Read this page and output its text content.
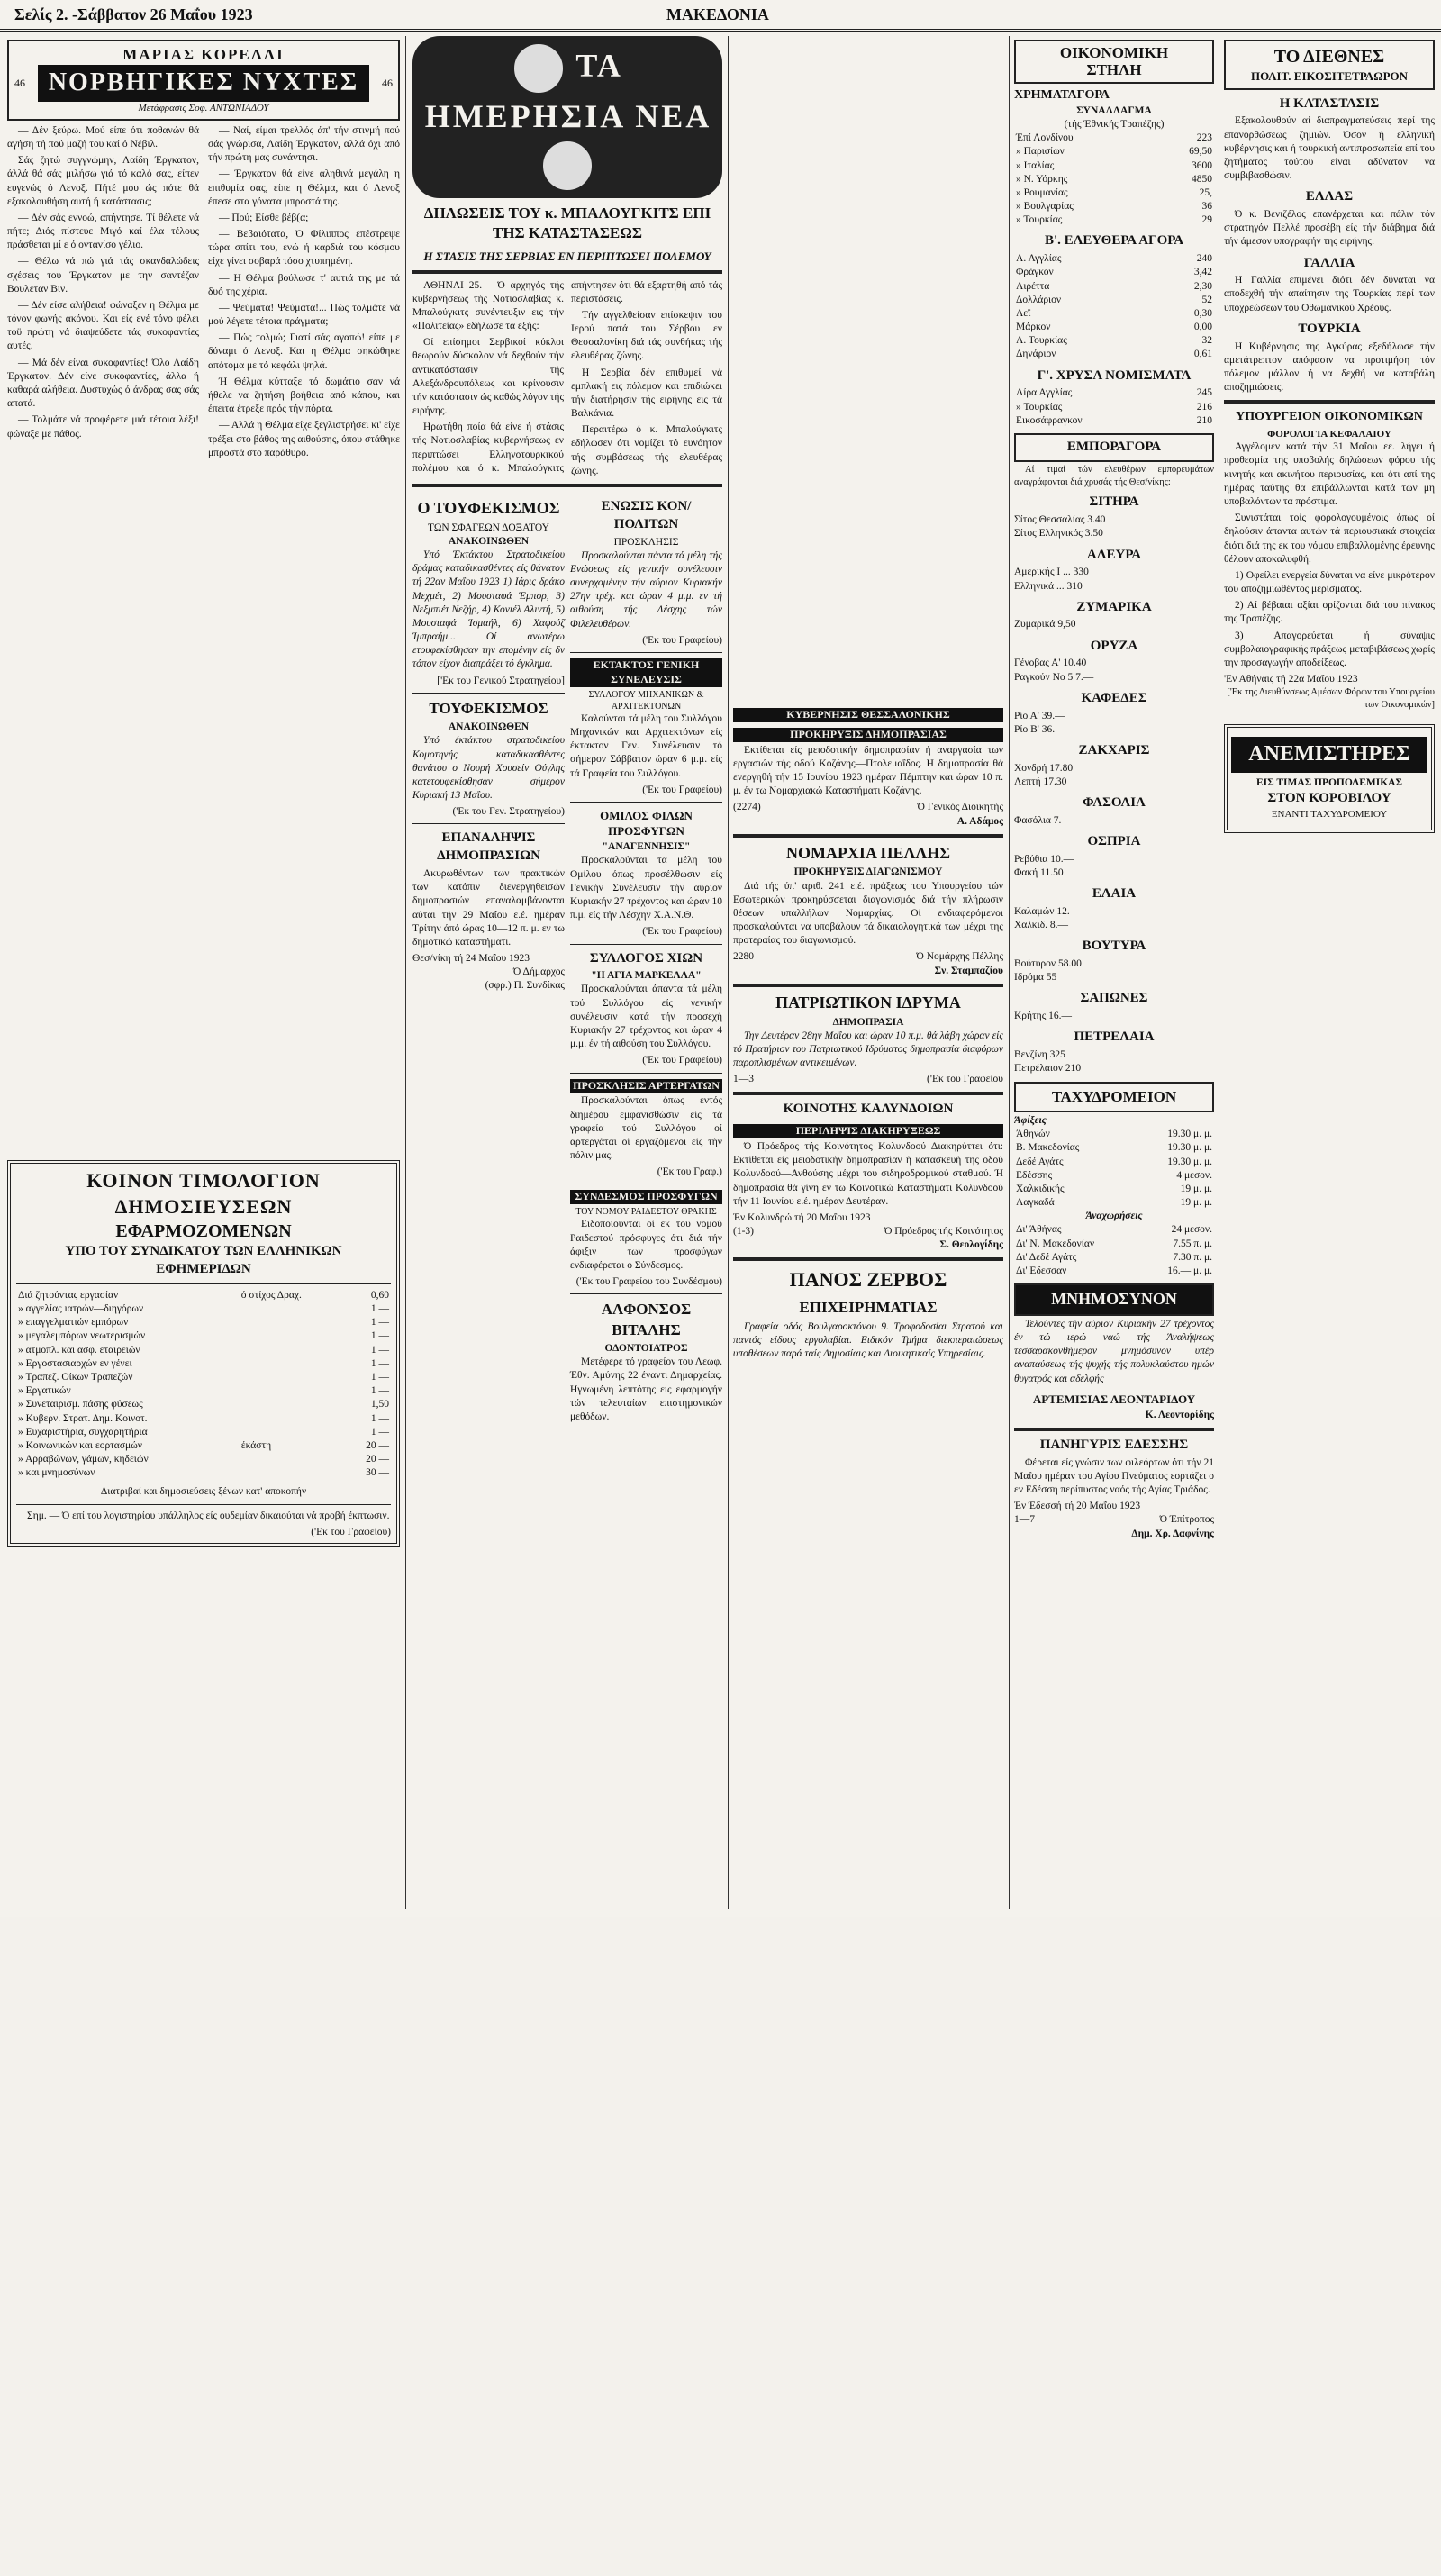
Σελίς 2. -Σάββατον 26 Μαΐου 1923	ΜΑΚΕΔΟΝΙΑ
ΜΑΡΙΑΣ ΚΟΡΕΛΛΙ
46 ΝΟΡΒΗΓΙΚΕΣ ΝΥΧΤΕΣ	46
Μετάφρασις Σοφ. ΑΝΤΩΝΙΑΔΟΥ

— Δέν ξεύρω. Μού είπε ότι ποθανών θά αγήση τή πού μαζή του καί ό Νέβιλ.

Σάς ζητώ συγγνώμην, Λαίδη Έργκατον, άλλά θά σάς μιλήσω γιά τό καλό σας, είπεν ευγενώς ό Λενοξ. Πήτέ μου ώς πότε θά εξακολουθήση αυτή ή κατάστασις;

— Δέν σάς εννοώ, απήντησε. Τί θέλετε νά πήτε; Διός πίστευε Μιγό καί έλα τέλους πράσθεται μί ε ό οντανίσο γέλιο.

— Θέλω νά πώ γιά τάς σκανδαλώδεις σχέσεις του Έργκατον με την σαντέζαν Βουλεταν Βιν.

— Δέν είσε αλήθεια! φώναξεν η Θέλμα με τόνον φωνής ακόνου. Και είς ενέ τόνο φέλει τοϋ πρώτη νά διαψεύδετε τάς συκοφαντίες αυτές.

— Μά δέν είναι συκοφαντίες! Όλο Λαίδη Έργκατον. Δέν είνε συκοφαντίες, άλλα ή καθαρά αλήθεια. Δυστυχώς ό άνδρας σας σάς απατά.

— Τολμάτε νά προφέρετε μιά τέτοια λέξι! φώναξε με πάθος.

— Ναί, είμαι τρελλός άπ' τήν στιγμή πού σάς γνώρισα, Λαίδη Έργκατον, αλλά όχι από τήν πρώτη μας συνάντησι.

— Έργκατον θά είνε αληθινά μεγάλη η επιθυμία σας, είπε η Θέλμα, και ό Λενοξ έπεσε στα γόνατα μπροστά της.

— Πού; Είσθε βέβ(α;

— Βεβαιότατα, Ό Φίλιππος επέστρεψε τώρα σπίτι του, ενώ ή καρδιά του κόσμου είχε γίνει σοβαρά τόσο χτυπημένη.

— Η Θέλμα βούλωσε τ' αυτιά της με τά δυό της χέρια.

— Ψεύματα! Ψεύματα!... Πώς τολμάτε νά μού λέγετε τέτοια πράγματα;

— Πώς τολμώ; Γιατί σάς αγαπώ! είπε με δύναμι ό Λενοξ. Και η Θέλμα σηκώθηκε απότομα με τό κεφάλι ψηλά.

Ή Θέλμα κύτταξε τό δωμάτιο σαν νά ήθελε να ζητήση βοήθεια από κάπου, και έπειτα έτρεξε πρός τήν πόρτα.

— Αλλά η Θέλμα είχε ξεγλιστρήσει κι' είχε τρέξει στο βάθος της αιθούσης, όπου στάθηκε μπροστά στο παράθυρο.

ΚΟΙΝΟΝ ΤΙΜΟΛΟΓΙΟΝ ΔΗΜΟΣΙΕΥΣΕΩΝ
ΕΦΑΡΜΟΖΟΜΕΝΩΝ
ΥΠΟ ΤΟΥ ΣΥΝΔΙΚΑΤΟΥ ΤΩΝ ΕΛΛΗΝΙΚΩΝ ΕΦΗΜΕΡΙΔΩΝ
Διά ζητούντας εργασίαν	ό στίχος Δραχ.	0,60
» αγγελίας ιατρών—διηγόρων		1 —
» επαγγελματιών εμπόρων		1 —
» μεγαλεμπόρων νεωτερισμών		1 —
» ατμοπλ. και ασφ. εταιρειών		1 —
» Εργοστασιαρχών εν γένει		1 —
» Τραπεζ. Οίκων Τραπεζών		1 —
» Εργατικών		1 —
» Συνεταιρισμ. πάσης φύσεως		1,50
» Κυβερν. Στρατ. Δημ. Κοινοτ.		1 —
» Ευχαριστήρια, συγχαρητήρια		1 —
» Κοινωνικών και εορτασμών	έκάστη	20 —
» Αρραβώνων, γάμων, κηδειών		20 —
» και μνημοσύνων		30 —
Διατριβαί και δημοσιεύσεις ξένων κατ' αποκοπήν

Σημ. — Ό επί του λογιστηρίου υπάλληλος είς ουδεμίαν δικαιούται νά προβή έκπτωσιν.

('Εκ του Γραφείου)
ΤΑ ΗΜΕΡΗΣΙΑ ΝΕΑ
ΔΗΛΩΣΕΙΣ ΤΟΥ κ. ΜΠΑΛΟΥΓΚΙΤΣ ΕΠΙ ΤΗΣ ΚΑΤΑΣΤΑΣΕΩΣ
Η ΣΤΑΣΙΣ ΤΗΣ ΣΕΡΒΙΑΣ ΕΝ ΠΕΡΙΠΤΩΣΕΙ ΠΟΛΕΜΟΥ

ΑΘΗΝΑΙ 25.— Ό αρχηγός τής κυβερνήσεως τής Νοτιοσλαβίας κ. Μπαλούγκιτς συνέντευξιν εις τήν «Πολιτείας» εδήλωσε τα εξής:

Οί επίσημοι Σερβικοί κύκλοι θεωρούν δύσκολον νά δεχθούν τήν αντικατάστασιν τής Αλεξάνδρουπόλεως και κρίνουσιν τήν κατάστασιν ώς καθώς λόγον τής ειρήνης.

Ηρωτήθη ποία θά είνε ή στάσις τής Νοτιοσλαβίας κυβερνήσεως εν περιπτώσει Ελληνοτουρκικού πολέμου και ό κ. Μπαλούγκιτς απήντησεν ότι θά εξαρτηθή από τάς περιστάσεις.

Τήν αγγελθείσαν επίσκεψιν του Ιερού πατά του Σέρβου εν Θεσσαλονίκη διά τάς συνθήκας τής ελευθέρας ζώνης.

Η Σερβία δέν επιθυμεί νά εμπλακή εις πόλεμον και επιδιώκει τήν διατήρησιν τής ειρήνης εις τά Βαλκάνια.

Περαιτέρω ό κ. Μπαλούγκιτς εδήλωσεν ότι νομίζει τό ευνόητον τής συμβάσεως τής ελευθέρας ζώνης.

Ο ΤΟΥΦΕΚΙΣΜΟΣ
ΤΩΝ ΣΦΑΓΕΩΝ ΔΟΞΑΤΟΥ
ΑΝΑΚΟΙΝΩΘΕΝ

Υπό Έκτάκτου Στρατοδικείου δράμας καταδικασθέντες είς θάνατον τή 22αν Μαΐου 1923 1) Ιάρις δράκο Μεχμέτ, 2) Μουσταφά Έμπορ, 3) Νεξμπιέτ Νεζήρ, 4) Κονιέλ Αλιντή, 5) Μουσταφά Ίσμαήλ, 6) Χαφούζ Ίμπραήμ... Οί ανωτέρω ετουφεκίσθησαν την επομένην είς δν τόπον είχον διαπράξει τό έγκλημα.

['Εκ του Γενικού Στρατηγείου]
ΤΟΥΦΕΚΙΣΜΟΣ
ΑΝΑΚΟΙΝΩΘΕΝ

Υπό έκτάκτου στρατοδικείου Κομοτηνής καταδικασθέντες θανάτου ο Νουρή Χουσείν Ούγλης κατετουφεκίσθησαν σήμερον Κυριακή 13 Μαΐου.

('Εκ του Γεν. Στρατηγείου)
ΕΠΑΝΑΛΗΨΙΣ ΔΗΜΟΠΡΑΣΙΩΝ

Ακυρωθέντων των πρακτικών των κατόπιν διενεργηθεισών δημοπρασιών επαναλαμβάνονται αύται τήν 29 Μαΐου ε.έ. ημέραν Τρίτην άπό ώρας 10—12 π. μ. εν τω δημοτικώ καταστήματι.

Θεσ/νίκη τή 24 Μαΐου 1923
Ό Δήμαρχος
(σφρ.) Π. Συνδίκας
ΕΝΩΣΙΣ ΚΟΝ/ΠΟΛΙΤΩΝ
ΠΡΟΣΚΛΗΣΙΣ

Προσκαλούνται πάντα τά μέλη τής Ενώσεως είς γενικήν συνέλευσιν συνερχομένην τήν αύριον Κυριακήν 27ην τρέχ. και ώραν 4 μ.μ. εν τή αιθούση τής Λέσχης τών Φιλελευθέρων.

('Εκ του Γραφείου)
ΕΚΤΑΚΤΟΣ ΓΕΝΙΚΗ ΣΥΝΕΛΕΥΣΙΣ
ΣΥΛΛΟΓΟΥ ΜΗΧΑΝΙΚΩΝ & ΑΡΧΙΤΕΚΤΟΝΩΝ

Καλούνται τά μέλη του Συλλόγου Μηχανικών και Αρχιτεκτόνων είς έκτακτον Γεν. Συνέλευσιν τό σήμερον Σάββατον ώραν 6 μ.μ. είς τά Γραφεία του Συλλόγου.

('Εκ του Γραφείου)
ΟΜΙΛΟΣ ΦΙΛΩΝ ΠΡΟΣΦΥΓΩΝ
"ΑΝΑΓΕΝΝΗΣΙΣ"

Προσκαλούνται τα μέλη τού Ομίλου όπως προσέλθωσιν είς Γενικήν Συνέλευσιν τήν αύριον Κυριακήν 27 τρέχοντος και ώραν 10 π.μ. είς τήν Λέσχην Χ.Α.Ν.Θ.

('Εκ του Γραφείου)
ΣΥΛΛΟΓΟΣ ΧΙΩΝ
"Η ΑΓΙΑ ΜΑΡΚΕΛΛΑ"

Προσκαλούνται άπαντα τά μέλη τού Συλλόγου είς γενικήν συνέλευσιν κατά τήν προσεχή Κυριακήν 27 τρέχοντος και ώραν 4 μ.μ. έν τή αιθούση του Συλλόγου.

('Εκ του Γραφείου)
ΠΡΟΣΚΛΗΣΙΣ ΑΡΤΕΡΓΑΤΩΝ

Προσκαλούνται όπως εντός διημέρου εμφανισθώσιν είς τά γραφεία τού Συλλόγου οί αρτεργάται οί εργαζόμενοι είς τήν πόλιν μας.

('Εκ του Γραφ.)
ΣΥΝΔΕΣΜΟΣ ΠΡΟΣΦΥΓΩΝ
ΤΟΥ ΝΟΜΟΥ ΡΑΙΔΕΣΤΟΥ ΘΡΑΚΗΣ

Ειδοποιούνται οί εκ του νομού Ραιδεστού πρόσφυγες ότι διά τήν άφιξιν των προσφύγων ενδιαφέρεται ο Σύνδεσμος.

('Εκ του Γραφείου του Συνδέσμου)
ΑΛΦΟΝΣΟΣ ΒΙΤΑΛΗΣ
ΟΔΟΝΤΟΙΑΤΡΟΣ

Μετέφερε τό γραφείον του Λεωφ. Έθν. Αμύνης 22 έναντι Δημαρχείας. Ηγνωμένη λεπτότης εις εφαρμογήν τών τελευταίων επιστημονικών μεθόδων.

ΚΥΒΕΡΝΗΣΙΣ ΘΕΣΣΑΛΟΝΙΚΗΣ
ΠΡΟΚΗΡΥΞΙΣ ΔΗΜΟΠΡΑΣΙΑΣ

Εκτίθεται είς μειοδοτικήν δημοπρασίαν ή αναργασία των εργασιών τής οδού Κοζάνης—Πτολεμαΐδος. Η δημοπρασία θά ενεργηθή τήν 15 Ιουνίου 1923 ημέραν Πέμπτην και ώραν 10 π. μ. έν τω Νομαρχιακώ Καταστήματι Κοζάνης.

(2274)	Ό Γενικός Διοικητής
Α. Αδάμος
ΝΟΜΑΡΧΙΑ ΠΕΛΛΗΣ
ΠΡΟΚΗΡΥΞΙΣ ΔΙΑΓΩΝΙΣΜΟΥ

Διά τής ύπ' αριθ. 241 ε.έ. πράξεως του Υπουργείου τών Εσωτερικών προκηρύσσεται διαγωνισμός διά τήν πλήρωσιν θέσεων υπαλλήλων Νομαρχίας. Οί ενδιαφερόμενοι προσκαλούνται να υποβάλουν τά δικαιολογητικά των μέχρι της προτεραίας του διαγωνισμού.

2280	Ό Νομάρχης Πέλλης
Σν. Σταμπαζίου
ΠΑΤΡΙΩΤΙΚΟΝ ΙΔΡΥΜΑ
ΔΗΜΟΠΡΑΣΙΑ

Την Δευτέραν 28ην Μαΐου και ώραν 10 π.μ. θά λάβη χώραν είς τό Πρατήριον του Πατριωτικού Ιδρύματος δημοπρασία διαφόρων παροπλισμένων αντικειμένων.

1—3	('Εκ του Γραφείου
ΚΟΙΝΟΤΗΣ ΚΑΛΥΝΔΟΙΩΝ
ΠΕΡΙΛΗΨΙΣ ΔΙΑΚΗΡΥΞΕΩΣ

Ό Πρόεδρος τής Κοινότητος Κολυνδοού Διακηρύττει ότι: Εκτίθεται είς μειοδοτικήν δημοπρασίαν ή κατασκευή της οδού Κολυνδοού—Ανθούσης μέχρι του σιδηροδρομικού σταθμού. Ή δημοπρασία θά γίνη εν τω Κοινοτικώ Καταστήματι Κολυνδοού τήν 11 Ιουνίου ε.έ. ημέραν Δευτέραν.

Έν Κολυνδρώ τή 20 Μαΐου 1923
(1-3)	Ό Πρόεδρος τής Κοινότητος
Σ. Θεολογίδης
ΠΑΝΟΣ ΖΕΡΒΟΣ
ΕΠΙΧΕΙΡΗΜΑΤΙΑΣ

Γραφεία οδός Βουλγαροκτόνου 9. Τροφοδοσίαι Στρατού και παντός είδους εργολαβίαι. Ειδικόν Τμήμα διεκπεραιώσεως υποθέσεων παρά ταίς Δημοσίαις και Διοικητικαίς Υπηρεσίαις.

ΟΙΚΟΝΟΜΙΚΗ
ΣΤΗΛΗ
ΧΡΗΜΑΤΑΓΟΡΑ
ΣΥΝΑΛΛΑΓΜΑ
(τής Έθνικής Τραπέζης)
Έπί Λονδίνου	223
» Παρισίων	69,50
» Ιταλίας	3600
» Ν. Υόρκης	4850
» Ρουμανίας	25,
» Βουλγαρίας	36
» Τουρκίας	29
Β'. ΕΛΕΥΘΕΡΑ ΑΓΟΡΑ
Λ. Αγγλίας	240
Φράγκον	3,42
Λιρέττα	2,30
Δολλάριον	52
Λεϊ	0,30
Μάρκον	0,00
Λ. Τουρκίας	32
Δηνάριον	0,61
Γ'. ΧΡΥΣΑ ΝΟΜΙΣΜΑΤΑ
Λίρα Αγγλίας	245
» Τουρκίας	216
Εικοσάφραγκον	210
ΕΜΠΟΡΑΓΟΡΑ

Αί τιμαί τών ελευθέρων εμπορευμάτων αναγράφονται διά χρυσάς τής Θεσ/νίκης:

ΣΙΤΗΡΑ
Σίτος Θεσσαλίας 3.40
Σίτος Ελληνικός 3.50
ΑΛΕΥΡΑ
Αμερικής Ι ... 330
Ελληνικά ... 310
ΖΥΜΑΡΙΚΑ
Ζυμαρικά 9,50
ΟΡΥΖΑ
Γένοβας Α' 10.40
Ραγκούν Νο 5 7.—
ΚΑΦΕΔΕΣ
Ρίο Α' 39.—
Ρίο Β' 36.—
ΖΑΚΧΑΡΙΣ
Χονδρή 17.80
Λεπτή 17.30
ΦΑΣΟΛΙΑ
Φασόλια 7.—
ΟΣΠΡΙΑ
Ρεβύθια 10.—
Φακή 11.50
ΕΛΑΙΑ
Καλαμών 12.—
Χαλκιδ. 8.—
ΒΟΥΤΥΡΑ
Βούτυρον 58.00
Ιδρόμα 55
ΣΑΠΩΝΕΣ
Κρήτης 16.—
ΠΕΤΡΕΛΑΙΑ
Βενζίνη 325
Πετρέλαιον 210
ΤΑΧΥΔΡΟΜΕΙΟΝ
Άφίξεις
Άθηνών	19.30 μ. μ.
Β. Μακεδονίας	19.30 μ. μ.
Δεδέ Αγάτς	19.30 μ. μ.
Εδέσσης	4 μεσον.
Χαλκιδικής	19 μ. μ.
Λαγκαδά	19 μ. μ.
Άναχωρήσεις
Δι' Άθήνας	24 μεσον.
Δι' Ν. Μακεδονίαν	7.55 π. μ.
Δι' Δεδέ Αγάτς	7.30 π. μ.
Δι' Εδεσσαν	16.— μ. μ.
ΜΝΗΜΟΣΥΝΟΝ

Τελούντες τήν αύριον Κυριακήν 27 τρέχοντος έν τώ ιερώ ναώ τής Άναλήψεως τεσσαρακονθήμερον μνημόσυνον υπέρ αναπαύσεως τής ψυχής τής πολυκλαύστου ημών θυγατρός και αδελφής

ΑΡΤΕΜΙΣΙΑΣ ΛΕΟΝΤΑΡΙΔΟΥ
Κ. Λεοντορίδης
ΠΑΝΗΓΥΡΙΣ ΕΔΕΣΣΗΣ

Φέρεται είς γνώσιν των φιλεόρτων ότι τήν 21 Μαΐου ημέραν του Αγίου Πνεύματος εορτάζει ο εν Εδέσση περίπυστος ναός τής Αγίας Τριάδος.

Έν Έδεσσή τή 20 Μαΐου 1923
1—7	Ό Έπίτροπος
Δημ. Χρ. Δαφνίνης
ΤΟ ΔΙΕΘΝΕΣ
ΠΟΛΙΤ. ΕΙΚΟΣΙΤΕΤΡΑΩΡΟΝ
Η ΚΑΤΑΣΤΑΣΙΣ

Εξακολουθούν αί διαπραγματεύσεις περί της επανορθώσεως ζημιών. Όσον ή ελληνική κυβέρνησις και ή τουρκική αντιπροσωπεία επί του ζητήματος τούτου είναι αδύνατον να συμβιβασθώσιν.

ΕΛΛΑΣ

Ό κ. Βενιζέλος επανέρχεται και πάλιν τόν στρατηγόν Πελλέ προσέβη είς τήν διάβημα διά τήν άμεσον υπογραφήν της ειρήνης.

ΓΑΛΛΙΑ

Η Γαλλία επιμένει διότι δέν δύναται να αποδεχθή τήν απαίτησιν της Τουρκίας περί των υποχρεώσεων του Οθωμανικού Χρέους.

ΤΟΥΡΚΙΑ

Η Κυβέρνησις της Αγκύρας εξεδήλωσε τήν αμετάτρεπτον απόφασιν να προτιμήση τόν πόλεμον μάλλον ή να δεχθή να καταβάλη αποζημιώσεις.

ΥΠΟΥΡΓΕΙΟΝ ΟΙΚΟΝΟΜΙΚΩΝ
ΦΟΡΟΛΟΓΙΑ ΚΕΦΑΛΑΙΟΥ

Αγγέλομεν κατά τήν 31 Μαΐου εε. λήγει ή προθεσμία της υποβολής δηλώσεων φόρου τής κινητής και ακινήτου περιουσίας, και ότι απί της ημέρας ταύτης θα επιβάλλωνται κατά των μη υποβαλόντων τα πρόστιμα.

Συνιστάται τοίς φορολογουμένοις όπως οί δηλούσιν άπαντα αυτών τά περιουσιακά στοιχεία διότι διά της εκ του νόμου επιβαλλομένης έρευνης θέλουν αποκαλυφθή.

1) Οφείλει ενεργεία δύναται να είνε μικρότερον του αποζημιωθέντος μερίσματος.

2) Αί βέβαιαι αξίαι ορίζονται διά του πίνακος της Τραπέζης.

3) Απαγορεύεται ή σύναψις συμβολαιογραφικής πράξεως μεταβιβάσεως χωρίς την προσαγωγήν αποδείξεως.

'Εν Αθήναις τή 22α Μαΐου 1923
['Εκ της Διευθύνσεως Αμέσων Φόρων του Υπουργείου των Οικονομικών]
ΑΝΕΜΙΣΤΗΡΕΣ
ΕΙΣ ΤΙΜΑΣ ΠΡΟΠΟΛΕΜΙΚΑΣ
ΣΤΟΝ ΚΟΡΟΒΙΛΟΥ
ΕΝΑΝΤΙ ΤΑΧΥΔΡΟΜΕΙΟΥ
